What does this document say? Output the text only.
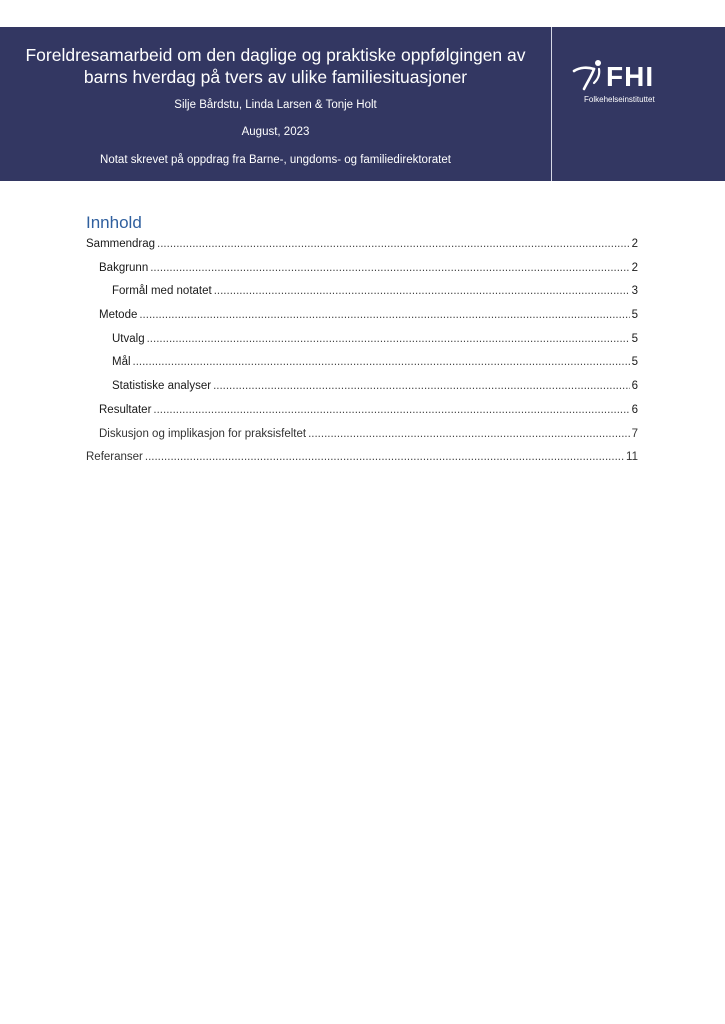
Foreldresamarbeid om den daglige og praktiske oppfølgingen av barns hverdag på tvers av ulike familiesituasjoner
Silje Bårdstu, Linda Larsen & Tonje Holt
August, 2023
Notat skrevet på oppdrag fra Barne-, ungdoms- og familiedirektoratet
FHI
Folkehelseinstituttet
Innhold
Sammendrag .....	2
Bakgrunn .....	2
Formål med notatet .....	3
Metode .....	5
Utvalg .....	5
Mål .....	5
Statistiske analyser .....	6
Resultater .....	6
Diskusjon og implikasjon for praksisfeltet .....	7
Referanser .....	11
